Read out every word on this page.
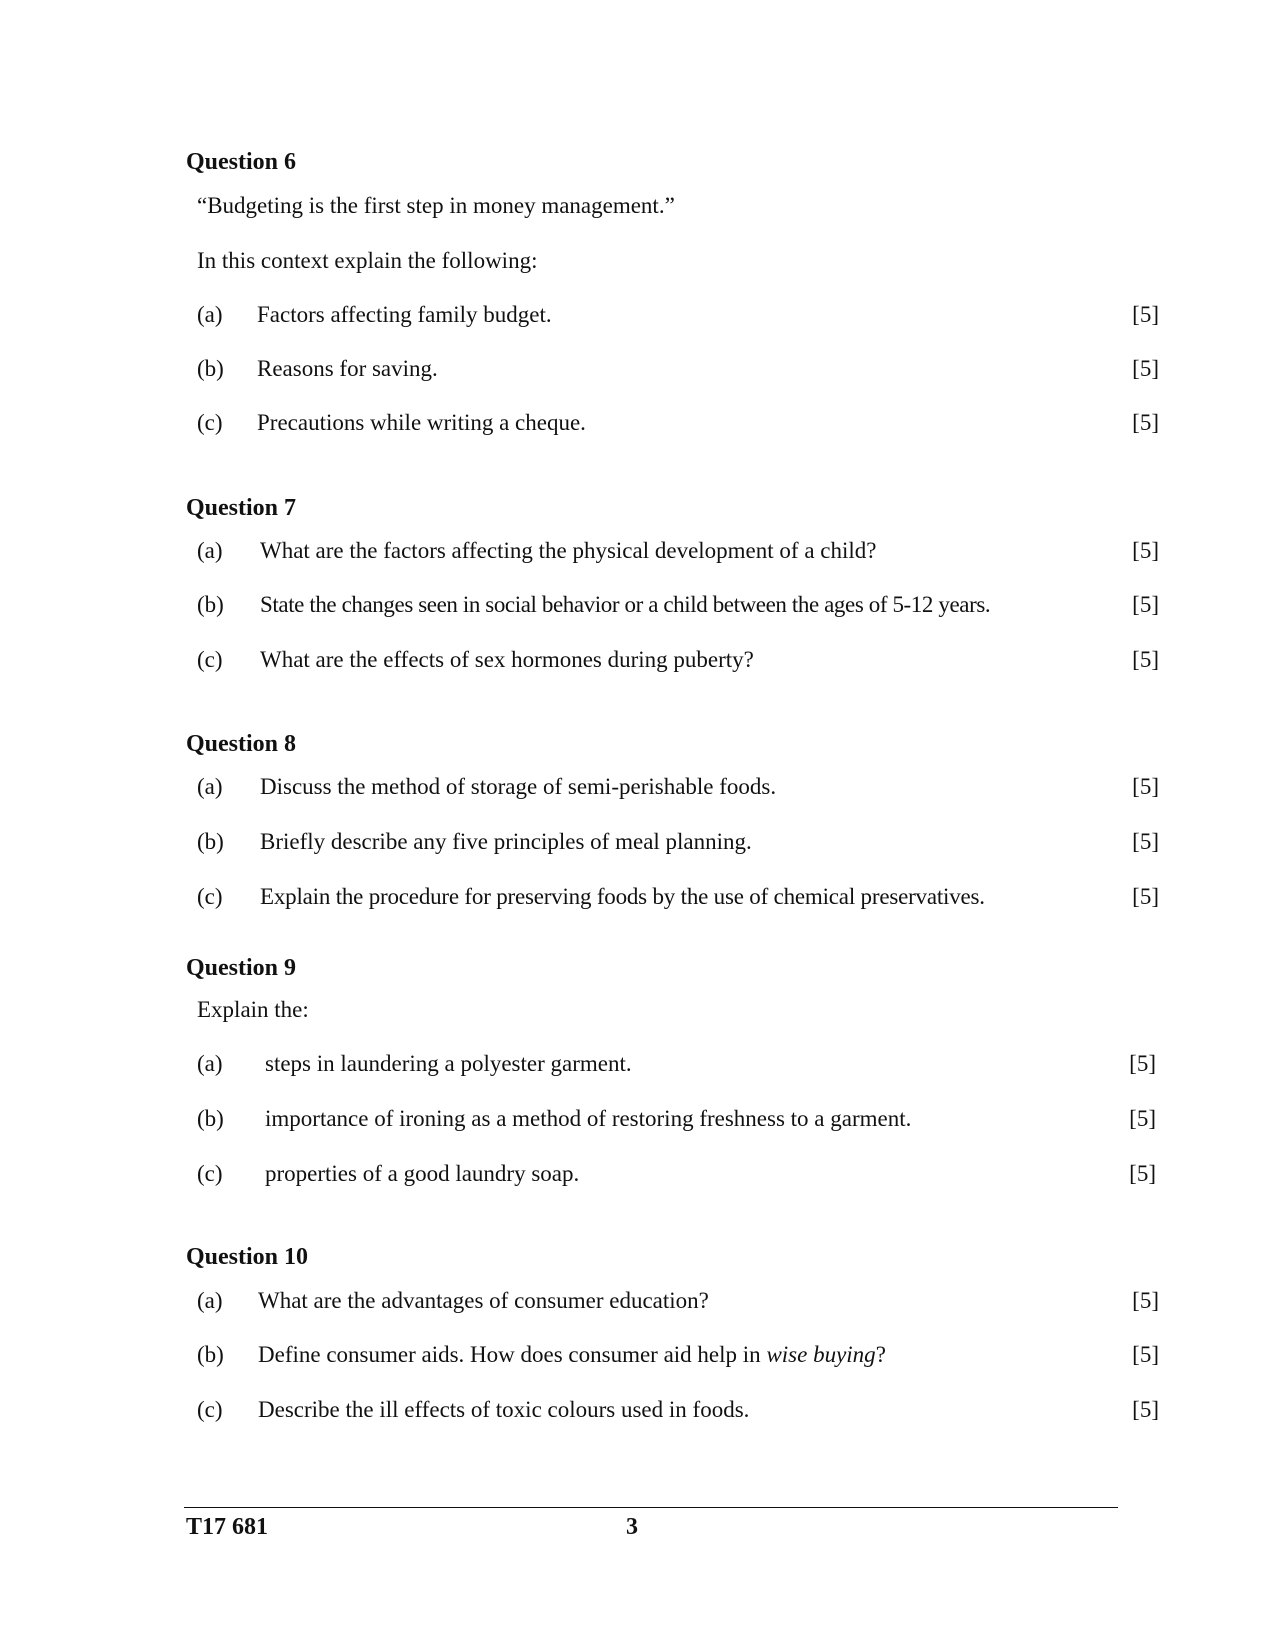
Question 6
“Budgeting is the first step in money management.”
In this context explain the following:
(a) Factors affecting family budget.	[5]
(b) Reasons for saving.	[5]
(c) Precautions while writing a cheque.	[5]
Question 7
(a) What are the factors affecting the physical development of a child?	[5]
(b) State the changes seen in social behavior or a child between the ages of 5-12 years.	[5]
(c) What are the effects of sex hormones during puberty?	[5]
Question 8
(a) Discuss the method of storage of semi-perishable foods.	[5]
(b) Briefly describe any five principles of meal planning.	[5]
(c) Explain the procedure for preserving foods by the use of chemical preservatives.	[5]
Question 9
Explain the:
(a) steps in laundering a polyester garment.	[5]
(b) importance of ironing as a method of restoring freshness to a garment.	[5]
(c) properties of a good laundry soap.	[5]
Question 10
(a) What are the advantages of consumer education?	[5]
(b) Define consumer aids. How does consumer aid help in wise buying?	[5]
(c) Describe the ill effects of toxic colours used in foods.	[5]
T17 681	3
